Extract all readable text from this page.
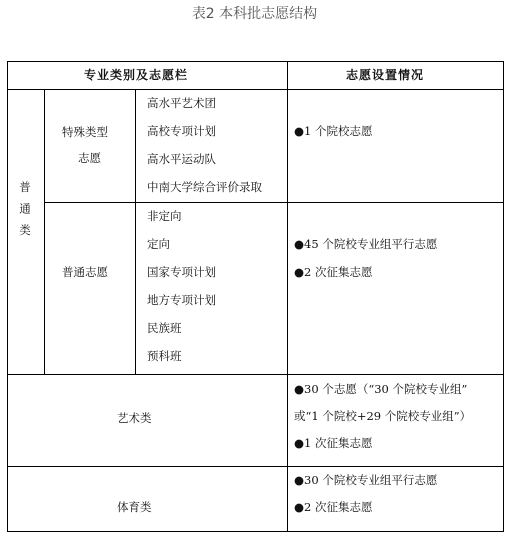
表2 本科批志愿结构
专业类别及志愿栏	志愿设置情况
普通类
特殊类型
志愿
高水平艺术团
高校专项计划
高水平运动队
中南大学综合评价录取
●1 个院校志愿
普通志愿
非定向
定向
国家专项计划
地方专项计划
民族班
预科班
●45 个院校专业组平行志愿
●2 次征集志愿
艺术类
●30 个志愿（“30 个院校专业组”
或“1 个院校+29 个院校专业组”）
●1 次征集志愿
体育类
●30 个院校专业组平行志愿
●2 次征集志愿
